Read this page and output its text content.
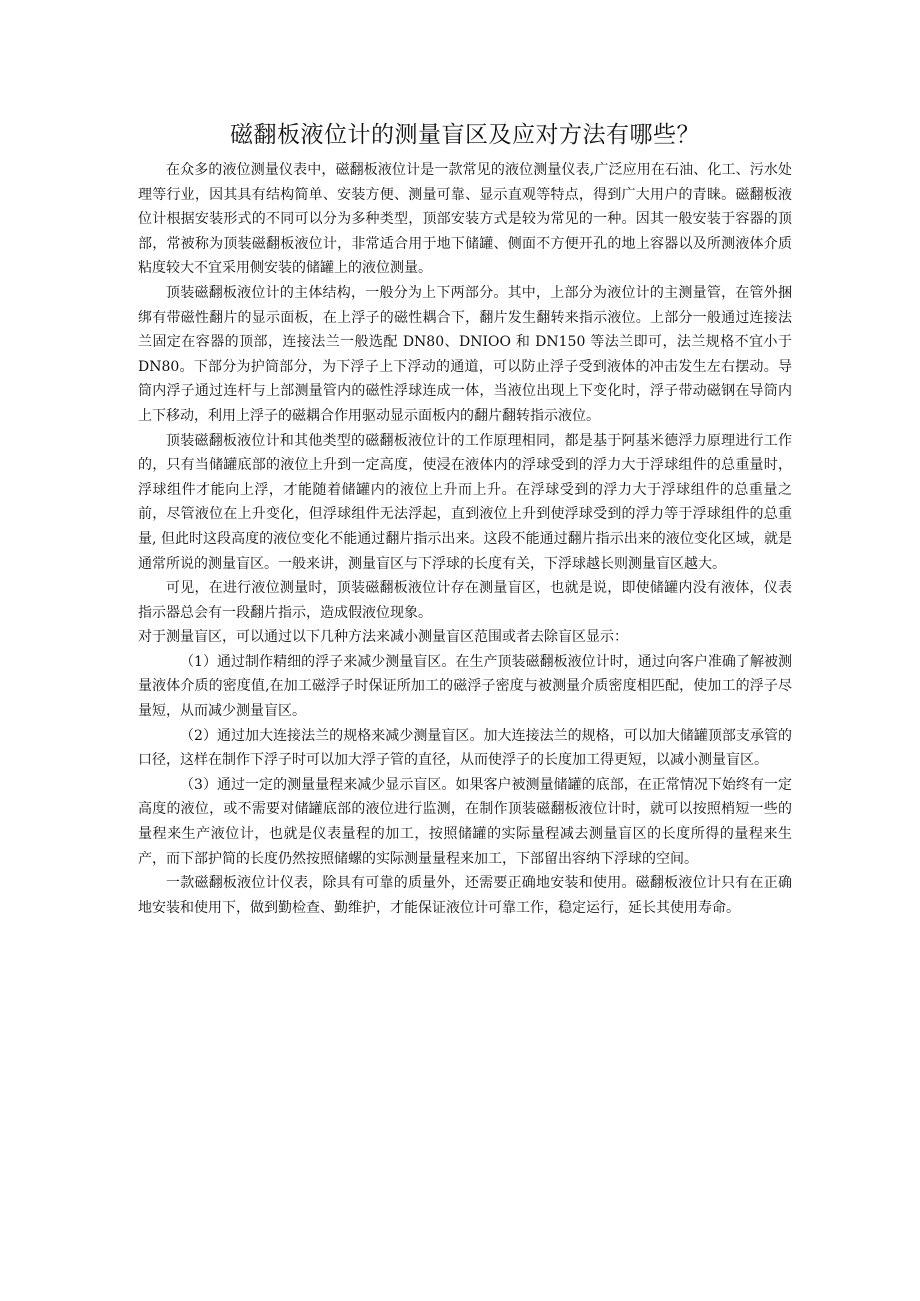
磁翻板液位计的测量盲区及应对方法有哪些？

在众多的液位测量仪表中，磁翻板液位计是一款常见的液位测量仪表,广泛应用在石油、化工、污水处理等行业，因其具有结构简单、安装方便、测量可靠、显示直观等特点，得到广大用户的青睐。磁翻板液位计根据安装形式的不同可以分为多种类型，顶部安装方式是较为常见的一种。因其一般安装于容器的顶部，常被称为顶装磁翻板液位计，非常适合用于地下储罐、侧面不方便开孔的地上容器以及所测液体介质粘度较大不宜采用侧安装的储罐上的液位测量。

顶装磁翻板液位计的主体结构，一般分为上下两部分。其中，上部分为液位计的主测量管，在管外捆绑有带磁性翻片的显示面板，在上浮子的磁性耦合下，翻片发生翻转来指示液位。上部分一般通过连接法兰固定在容器的顶部，连接法兰一般选配 DN80、DNIOO 和 DN150 等法兰即可，法兰规格不宜小于 DN80。下部分为护筒部分，为下浮子上下浮动的通道，可以防止浮子受到液体的冲击发生左右摆动。导筒内浮子通过连杆与上部测量管内的磁性浮球连成一体，当液位出现上下变化时，浮子带动磁钢在导筒内上下移动，利用上浮子的磁耦合作用驱动显示面板内的翻片翻转指示液位。

顶装磁翻板液位计和其他类型的磁翻板液位计的工作原理相同，都是基于阿基米德浮力原理进行工作的，只有当储罐底部的液位上升到一定高度，使浸在液体内的浮球受到的浮力大于浮球组件的总重量时，浮球组件才能向上浮，才能随着储罐内的液位上升而上升。在浮球受到的浮力大于浮球组件的总重量之前，尽管液位在上升变化，但浮球组件无法浮起，直到液位上升到使浮球受到的浮力等于浮球组件的总重量, 但此时这段高度的液位变化不能通过翻片指示出来。这段不能通过翻片指示出来的液位变化区域，就是通常所说的测量盲区。一般来讲，测量盲区与下浮球的长度有关，下浮球越长则测量盲区越大。

可见，在进行液位测量时，顶装磁翻板液位计存在测量盲区，也就是说，即使储罐内没有液体，仪表指示器总会有一段翻片指示，造成假液位现象。

对于测量盲区，可以通过以下几种方法来减小测量盲区范围或者去除盲区显示：

（1）通过制作精细的浮子来减少测量盲区。在生产顶装磁翻板液位计时，通过向客户准确了解被测量液体介质的密度值,在加工磁浮子时保证所加工的磁浮子密度与被测量介质密度相匹配，使加工的浮子尽量短，从而减少测量盲区。

（2）通过加大连接法兰的规格来减少测量盲区。加大连接法兰的规格，可以加大储罐顶部支承管的口径，这样在制作下浮子时可以加大浮子管的直径，从而使浮子的长度加工得更短，以减小测量盲区。

（3）通过一定的测量量程来减少显示盲区。如果客户被测量储罐的底部，在正常情况下始终有一定高度的液位，或不需要对储罐底部的液位进行监测，在制作顶装磁翻板液位计时，就可以按照梢短一些的量程来生产液位计，也就是仪表量程的加工，按照储罐的实际量程减去测量盲区的长度所得的量程来生产，而下部护简的长度仍然按照储螺的实际测量量程来加工，下部留出容纳下浮球的空间。

一款磁翻板液位计仪表，除具有可靠的质量外，还需要正确地安装和使用。磁翻板液位计只有在正确地安装和使用下，做到勤检查、勤维护，才能保证液位计可靠工作，稳定运行，延长其使用寿命。
